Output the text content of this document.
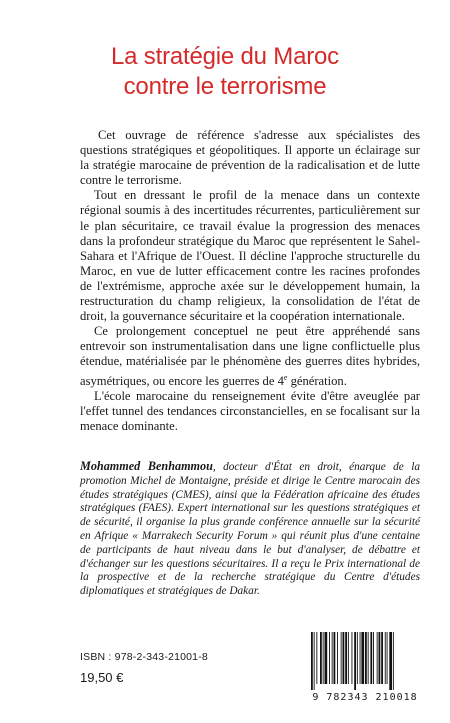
La stratégie du Maroc
contre le terrorisme

Cet ouvrage de référence s'adresse aux spécialistes des questions stratégiques et géopolitiques. Il apporte un éclairage sur la stratégie marocaine de prévention de la radicalisation et de lutte contre le terrorisme.

Tout en dressant le profil de la menace dans un contexte régional soumis à des incertitudes récurrentes, particulièrement sur le plan sécuritaire, ce travail évalue la progression des menaces dans la profondeur stratégique du Maroc que représentent le Sahel-Sahara et l'Afrique de l'Ouest. Il décline l'approche structurelle du Maroc, en vue de lutter efficacement contre les racines profondes de l'extrémisme, approche axée sur le développement humain, la restructuration du champ religieux, la consolidation de l'état de droit, la gouvernance sécuritaire et la coopération internationale.

Ce prolongement conceptuel ne peut être appréhendé sans entrevoir son instrumentalisation dans une ligne conflictuelle plus étendue, matérialisée par le phénomène des guerres dites hybrides, asymétriques, ou encore les guerres de 4e génération.

L'école marocaine du renseignement évite d'être aveuglée par l'effet tunnel des tendances circonstancielles, en se focalisant sur la menace dominante.

Mohammed Benhammou, docteur d'État en droit, énarque de la promotion Michel de Montaigne, préside et dirige le Centre marocain des études stratégiques (CMES), ainsi que la Fédération africaine des études stratégiques (FAES). Expert international sur les questions stratégiques et de sécurité, il organise la plus grande conférence annuelle sur la sécurité en Afrique « Marrakech Security Forum » qui réunit plus d'une centaine de participants de haut niveau dans le but d'analyser, de débattre et d'échanger sur les questions sécuritaires. Il a reçu le Prix international de la prospective et de la recherche stratégique du Centre d'études diplomatiques et stratégiques de Dakar.
ISBN : 978-2-343-21001-8
19,50 €
9 782343 210018
